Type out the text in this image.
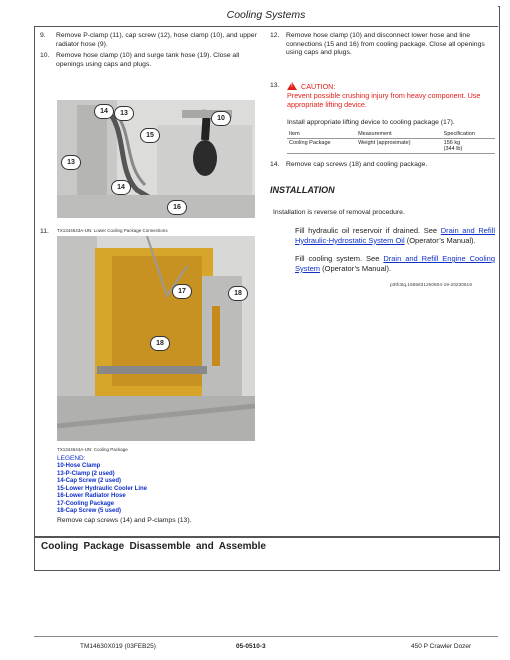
Cooling Systems
9.	Remove P-clamp (11), cap screw (12), hose clamp (10), and upper radiator hose (9).
10. Remove hose clamp (10) and surge tank hose (19). Close all openings using caps and plugs.
14	13
15
10
13
14
16
TX1344643A-UN: Lower Cooling Package Connections
11.
17	18
18
TX1344644A-UN: Cooling Package
LEGEND:
10-Hose Clamp
13-P-Clamp (2 used)
14-Cap Screw (2 used)
15-Lower Hydraulic Cooler Line
16-Lower Radiator Hose
17-Cooling Package
18-Cap Screw (5 used)
Remove cap screws (14) and P-clamps (13).
12. Remove hose clamp (10) and disconnect lower hose and line connections (15 and 16) from cooling package. Close all openings using caps and plugs.
13. !	CAUTION:
Prevent possible crushing injury from heavy component. Use appropriate lifting device.
Install appropriate lifting device to cooling package (17).
Item	Measurement	Specification
Cooling Package	Weight (approximate)	156 kg
(344 lb)
14. Remove cap screws (18) and cooling package.
INSTALLATION
Installation is reverse of removal procedure.
Fill hydraulic oil reservoir if drained. See Drain and Refill Hydraulic-Hydrostatic System Oil (Operator’s Manual).
Fill cooling system. See Drain and Refill Engine Cooling System (Operator’s Manual).
p3th3tq,1585631250604-19-20230619
Cooling Package Disassemble and Assemble
TM14630X019 (03FEB25)	05-0510-3	450 P Crawler Dozer
